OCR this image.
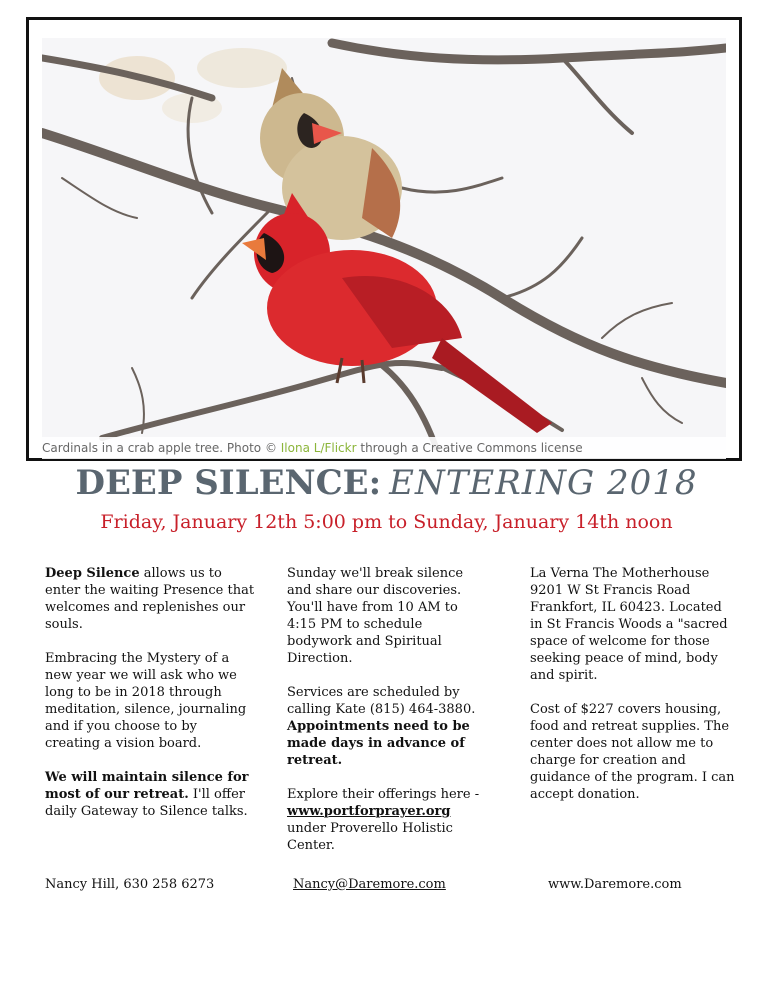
Cardinals in a crab apple tree. Photo © Ilona L/Flickr through a Creative Commons license
DEEP SILENCE: ENTERING 2018
Friday, January 12th 5:00 pm to Sunday, January 14th noon

Deep Silence allows us to enter the waiting Presence that welcomes and replenishes our souls.

Embracing the Mystery of a new year we will ask who we long to be in 2018 through meditation, silence, journaling and if you choose to by creating a vision board.

We will maintain silence for most of our retreat. I'll offer daily Gateway to Silence talks.

Sunday we'll break silence and share our discoveries.
You'll have from 10 AM to 4:15 PM to schedule bodywork and Spiritual Direction.

Services are scheduled by calling Kate (815) 464-3880.
Appointments need to be made days in advance of retreat.

Explore their offerings here - www.portforprayer.org under Proverello Holistic Center.

La Verna The Motherhouse 9201 W St Francis Road Frankfort, IL 60423. Located in St Francis Woods a "sacred space of welcome for those seeking peace of mind, body and spirit.

Cost of $227 covers housing, food and retreat supplies. The center does not allow me to charge for creation and guidance of the program. I can accept donation.

Nancy Hill, 630 258 6273	Nancy@Daremore.com	www.Daremore.com
